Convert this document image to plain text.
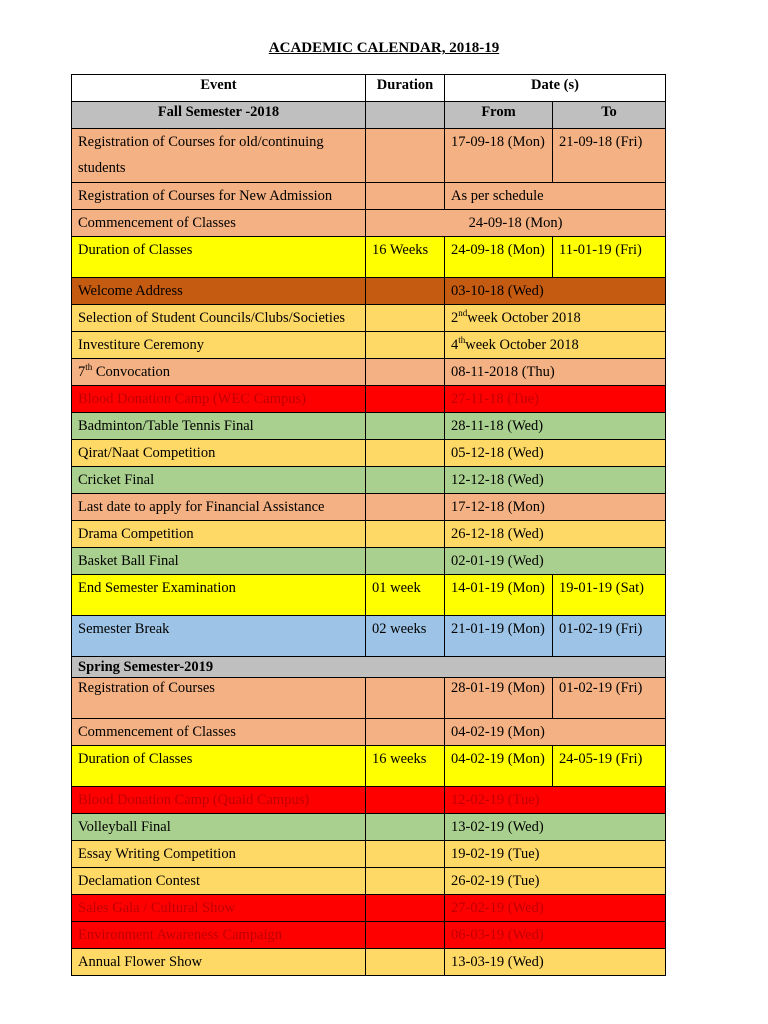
ACADEMIC CALENDAR, 2018-19
Event	Duration	Date (s)	
Fall Semester -2018		From	To

Registration of Courses for old/continuing students		17-09-18 (Mon)	21-09-18 (Fri)

Registration of Courses for New Admission		As per schedule	

Commencement of Classes	24-09-18 (Mon)		

Duration of Classes	16 Weeks	24-09-18 (Mon)	11-01-19 (Fri)

Welcome Address		03-10-18 (Wed)	

Selection of Student Councils/Clubs/Societies		2ndweek October 2018	

Investiture Ceremony		4thweek October 2018	

7th Convocation		08-11-2018 (Thu)	

Blood Donation Camp (WEC Campus)		27-11-18 (Tue)	

Badminton/Table Tennis Final		28-11-18 (Wed)	

Qirat/Naat Competition		05-12-18 (Wed)	

Cricket Final		12-12-18 (Wed)	

Last date to apply for Financial Assistance		17-12-18 (Mon)	

Drama Competition		26-12-18 (Wed)	

Basket Ball Final		02-01-19 (Wed)	

End Semester Examination	01 week	14-01-19 (Mon)	19-01-19 (Sat)

Semester Break	02 weeks	21-01-19 (Mon)	01-02-19 (Fri)

Spring Semester-2019			

Registration of Courses		28-01-19 (Mon)	01-02-19 (Fri)

Commencement of Classes		04-02-19 (Mon)	

Duration of Classes	16 weeks	04-02-19 (Mon)	24-05-19 (Fri)

Blood Donation Camp (Quaid Campus)		12-02-19 (Tue)	

Volleyball Final		13-02-19 (Wed)	

Essay Writing Competition		19-02-19 (Tue)	

Declamation Contest		26-02-19 (Tue)	

Sales Gala / Cultural Show		27-02-19 (Wed)	

Environment Awareness Campaign		06-03-19 (Wed)	

Annual Flower Show		13-03-19 (Wed)	
